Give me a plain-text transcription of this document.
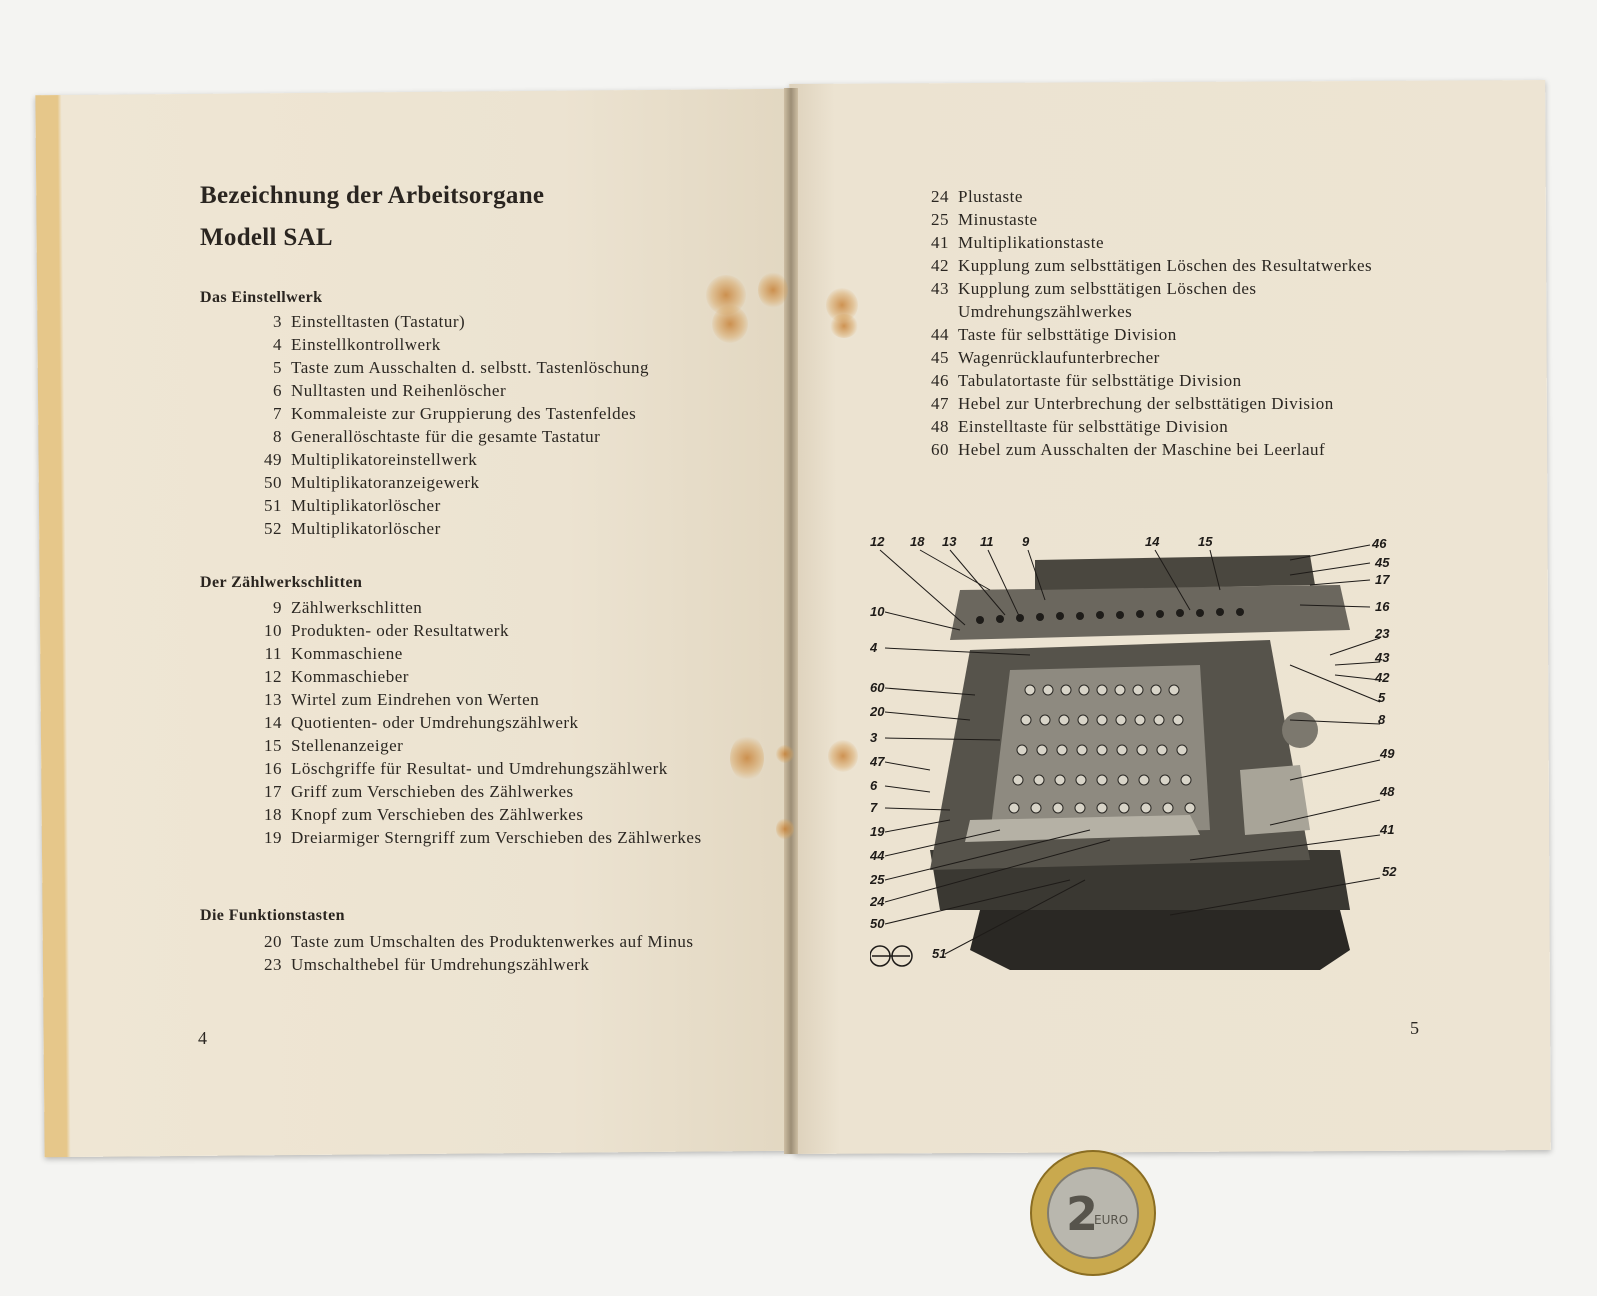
Bezeichnung der Arbeitsorgane
Modell SAL
Das Einstellwerk
3 Einstelltasten (Tastatur)
4 Einstellkontrollwerk
5 Taste zum Ausschalten d. selbstt. Tastenlöschung
6 Nulltasten und Reihenlöscher
7 Kommaleiste zur Gruppierung des Tastenfeldes
8 Generallöschtaste für die gesamte Tastatur
49 Multiplikatoreinstellwerk
50 Multiplikatoranzeigewerk
51 Multiplikatorlöscher
52 Multiplikatorlöscher
Der Zählwerkschlitten
9 Zählwerkschlitten
10 Produkten- oder Resultatwerk
11 Kommaschiene
12 Kommaschieber
13 Wirtel zum Eindrehen von Werten
14 Quotienten- oder Umdrehungszählwerk
15 Stellenanzeiger
16 Löschgriffe für Resultat- und Umdrehungszählwerk
17 Griff zum Verschieben des Zählwerkes
18 Knopf zum Verschieben des Zählwerkes
19 Dreiarmiger Sterngriff zum Verschieben des Zählwerkes
Die Funktionstasten
20 Taste zum Umschalten des Produktenwerkes auf Minus
23 Umschalthebel für Umdrehungszählwerk
4
24 Plustaste
25 Minustaste
41 Multiplikationstaste
42 Kupplung zum selbsttätigen Löschen des Resultatwerkes
43 Kupplung zum selbsttätigen Löschen des Umdrehungszählwerkes
44 Taste für selbsttätige Division
45 Wagenrücklaufunterbrecher
46 Tabulatortaste für selbsttätige Division
47 Hebel zur Unterbrechung der selbsttätigen Division
48 Einstelltaste für selbsttätige Division
60 Hebel zum Ausschalten der Maschine bei Leerlauf
12 18 13 11 9	14	15	46
45
17
16
10
23
4
43
42
60
5
20
8
3
49
47
6	48
7
19	41
44
25
24
52
50
51
5
2
EURO
